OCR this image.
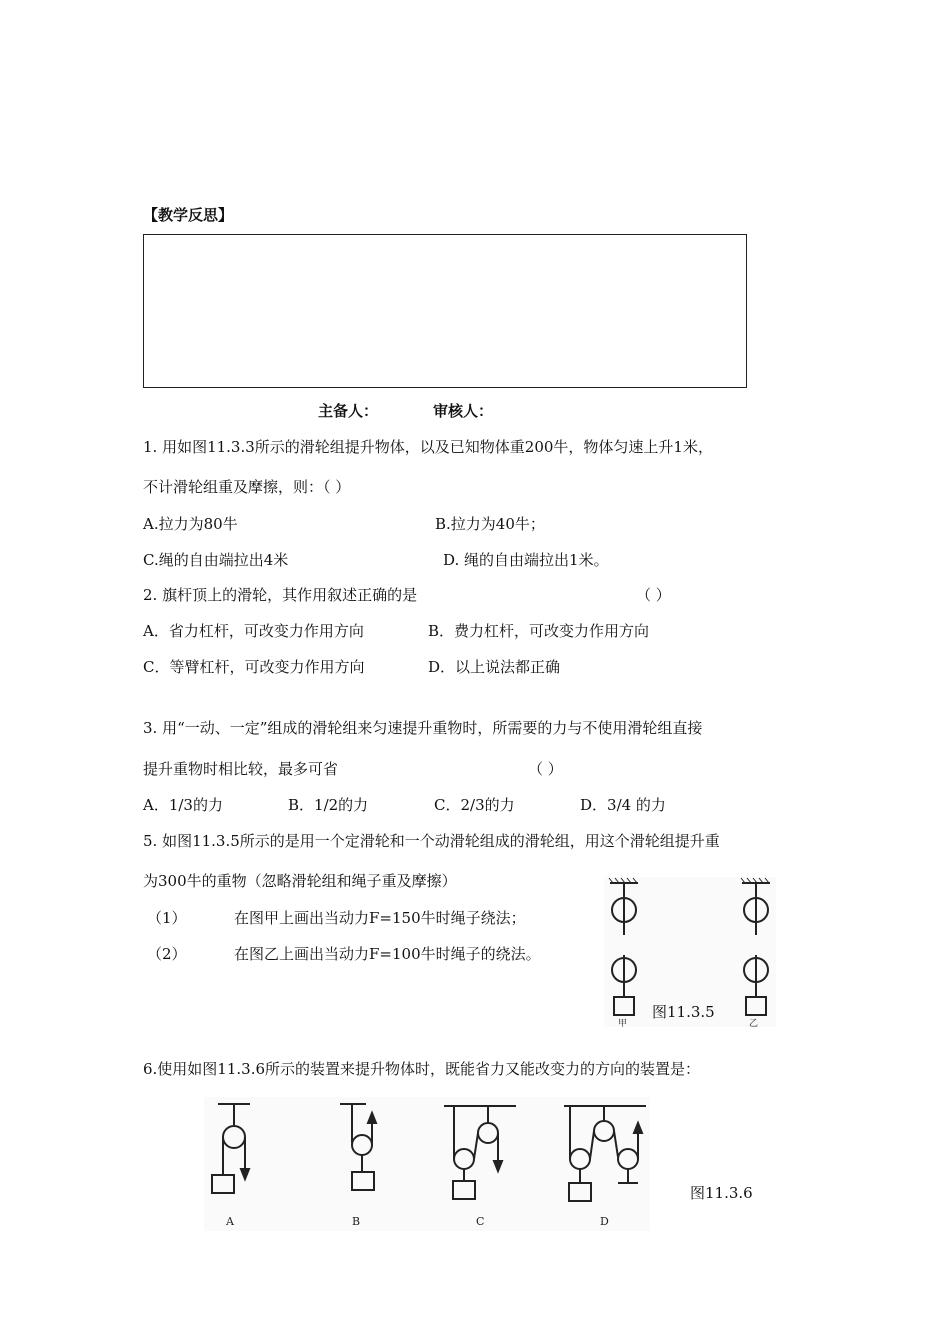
【教学反思】
主备人：	审核人：
1. 用如图11.3.3所示的滑轮组提升物体，以及已知物体重200牛，物体匀速上升1米，
不计滑轮组重及摩擦，则：（ ）
A.拉力为80牛	B.拉力为40牛；
C.绳的自由端拉出4米	D. 绳的自由端拉出1米。
2. 旗杆顶上的滑轮，其作用叙述正确的是	（ ）
A．省力杠杆，可改变力作用方向	B．费力杠杆，可改变力作用方向
C．等臂杠杆，可改变力作用方向	D．以上说法都正确
3. 用“一动、一定”组成的滑轮组来匀速提升重物时，所需要的力与不使用滑轮组直接
提升重物时相比较，最多可省	（ ）
A．1/3的力	B．1/2的力	C．2/3的力	D．3/4 的力
5. 如图11.3.5所示的是用一个定滑轮和一个动滑轮组成的滑轮组，用这个滑轮组提升重
为300牛的重物（忽略滑轮组和绳子重及摩擦）
（1）	在图甲上画出当动力F=150牛时绳子绕法；
（2）	在图乙上画出当动力F=100牛时绳子的绕法。
甲	乙
图11.3.5
6.使用如图11.3.6所示的装置来提升物体时，既能省力又能改变力的方向的装置是：
A	B	C	D
图11.3.6
